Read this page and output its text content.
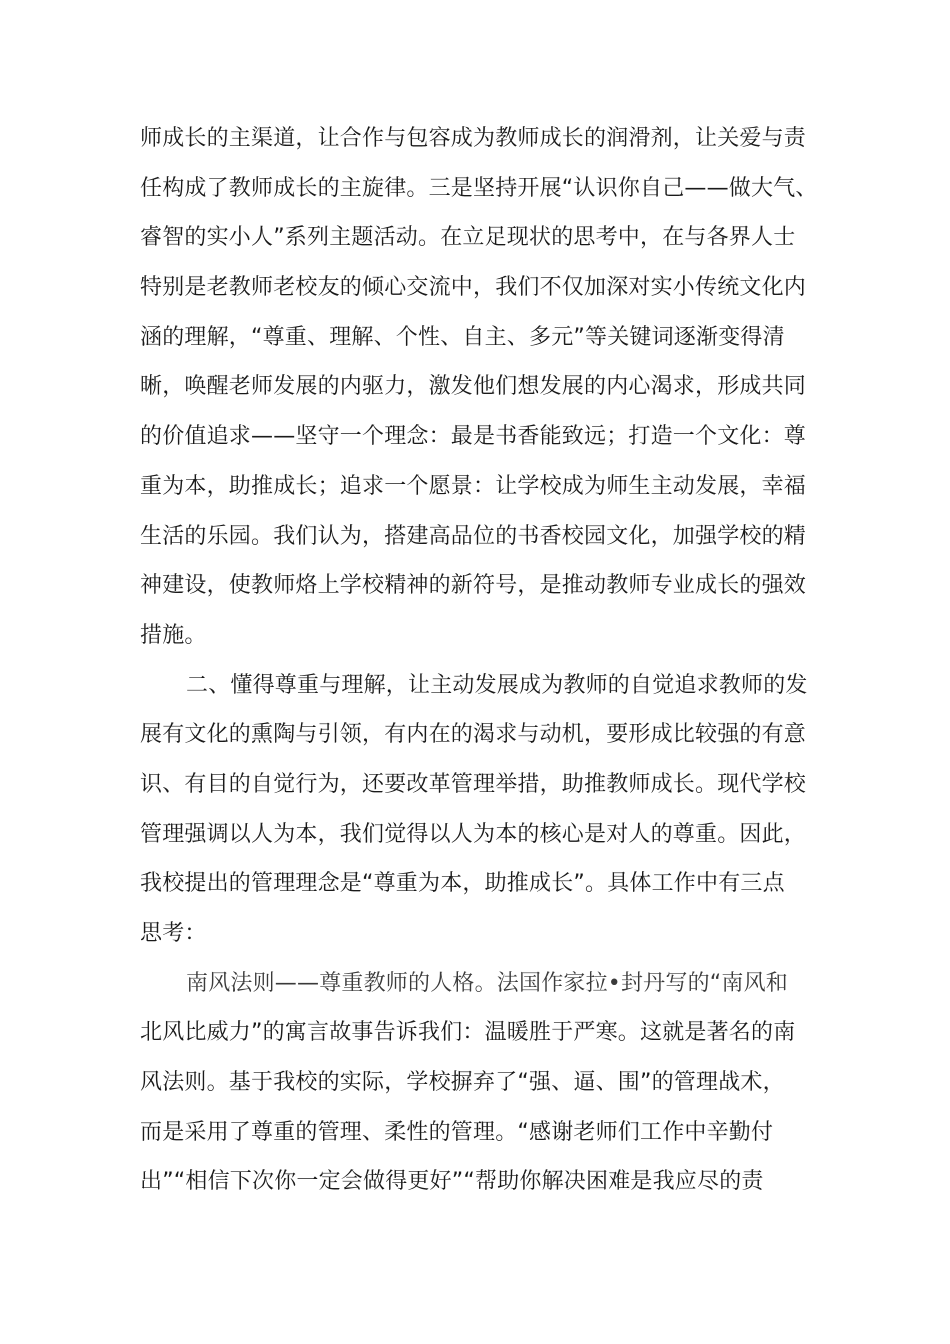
师成长的主渠道，让合作与包容成为教师成长的润滑剂，让关爱与责

任构成了教师成长的主旋律。三是坚持开展“认识你自己——做大气、

睿智的实小人”系列主题活动。在立足现状的思考中，在与各界人士

特别是老教师老校友的倾心交流中，我们不仅加深对实小传统文化内

涵的理解，“尊重、理解、个性、自主、多元”等关键词逐渐变得清

晰，唤醒老师发展的内驱力，激发他们想发展的内心渴求，形成共同

的价值追求——坚守一个理念：最是书香能致远；打造一个文化：尊

重为本，助推成长；追求一个愿景：让学校成为师生主动发展，幸福

生活的乐园。我们认为，搭建高品位的书香校园文化，加强学校的精

神建设，使教师烙上学校精神的新符号，是推动教师专业成长的强效

措施。

二、懂得尊重与理解，让主动发展成为教师的自觉追求教师的发

展有文化的熏陶与引领，有内在的渴求与动机，要形成比较强的有意

识、有目的自觉行为，还要改革管理举措，助推教师成长。现代学校

管理强调以人为本，我们觉得以人为本的核心是对人的尊重。因此，

我校提出的管理理念是“尊重为本，助推成长”。具体工作中有三点

思考：

南风法则——尊重教师的人格。法国作家拉•封丹写的“南风和

北风比威力”的寓言故事告诉我们：温暖胜于严寒。这就是著名的南

风法则。基于我校的实际，学校摒弃了“强、逼、围”的管理战术，

而是采用了尊重的管理、柔性的管理。“感谢老师们工作中辛勤付

出”“相信下次你一定会做得更好”“帮助你解决困难是我应尽的责
